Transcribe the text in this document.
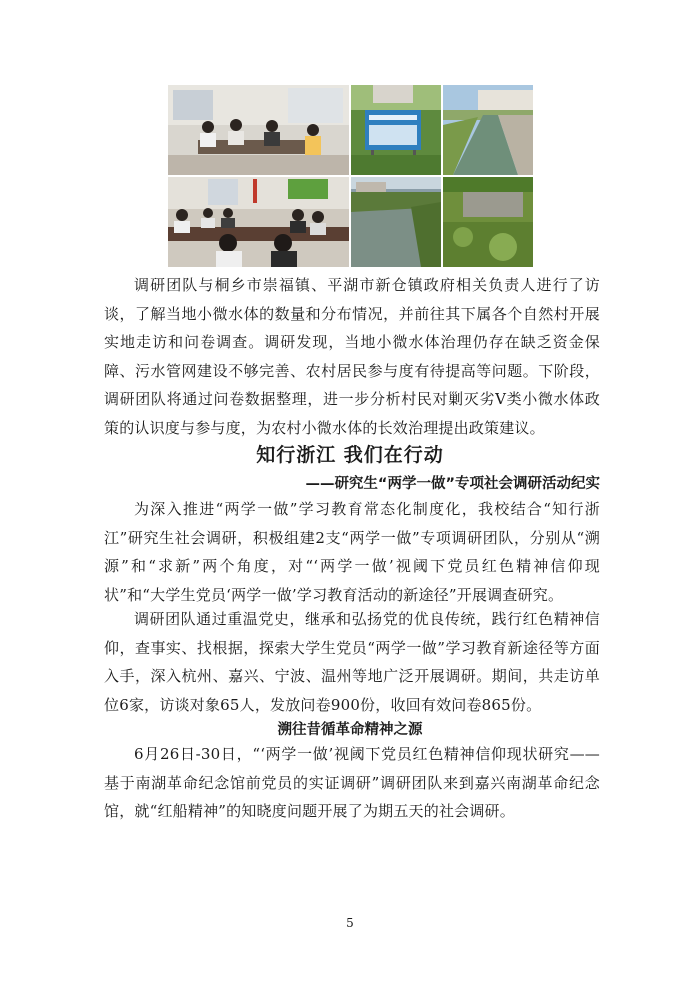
调研团队与桐乡市崇福镇、平湖市新仓镇政府相关负责人进行了访谈，了解当地小微水体的数量和分布情况，并前往其下属各个自然村开展实地走访和问卷调查。调研发现，当地小微水体治理仍存在缺乏资金保障、污水管网建设不够完善、农村居民参与度有待提高等问题。下阶段，调研团队将通过问卷数据整理，进一步分析村民对剿灭劣Ⅴ类小微水体政策的认识度与参与度，为农村小微水体的长效治理提出政策建议。

知行浙江 我们在行动
——研究生“两学一做”专项社会调研活动纪实

为深入推进“两学一做”学习教育常态化制度化，我校结合“知行浙江”研究生社会调研，积极组建2支“两学一做”专项调研团队，分别从“溯源”和“求新”两个角度，对“‘两学一做’视阈下党员红色精神信仰现状”和“大学生党员‘两学一做’学习教育活动的新途径”开展调查研究。

调研团队通过重温党史，继承和弘扬党的优良传统，践行红色精神信仰，查事实、找根据，探索大学生党员“两学一做”学习教育新途径等方面入手，深入杭州、嘉兴、宁波、温州等地广泛开展调研。期间，共走访单位6家，访谈对象65人，发放问卷900份，收回有效问卷865份。

溯往昔循革命精神之源

6月26日-30日，“‘两学一做’视阈下党员红色精神信仰现状研究——基于南湖革命纪念馆前党员的实证调研”调研团队来到嘉兴南湖革命纪念馆，就“红船精神”的知晓度问题开展了为期五天的社会调研。

5
